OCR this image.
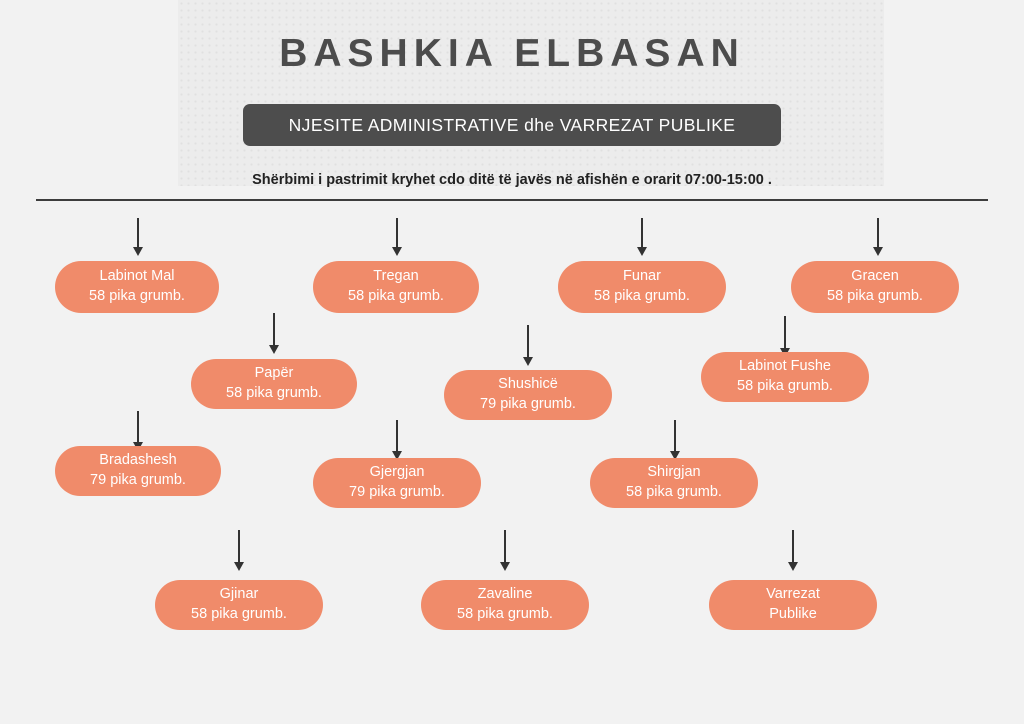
BASHKIA ELBASAN
NJESITE ADMINISTRATIVE dhe VARREZAT PUBLIKE
Shërbimi i pastrimit kryhet cdo ditë të javës në afishën e orarit 07:00-15:00 .
Labinot Mal
58 pika grumb.
Tregan
58 pika grumb.
Funar
58 pika grumb.
Gracen
58 pika grumb.
Papër
58 pika grumb.
Shushicë
79 pika grumb.
Labinot Fushe
58 pika grumb.
Bradashesh
79 pika grumb.	Gjergjan
79 pika grumb.
Shirgjan
58 pika grumb.
Gjinar
58 pika grumb.
Zavaline
58 pika grumb.
Varrezat
Publike
